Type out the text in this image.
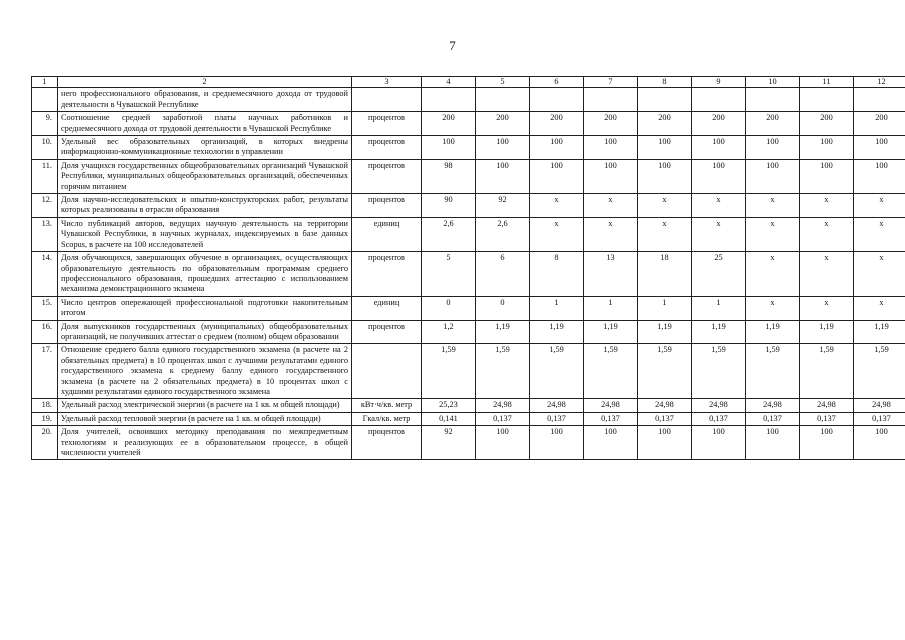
7
1	2	3	4	5	6	7	8	9	10	11	12
	него профессионального образования, и среднемесячного дохода от трудовой деятельности в Чувашской Республике										
9.	Соотношение средней заработной платы научных работников и среднемесячного дохода от трудовой деятельности в Чувашской Республике	процентов	200	200	200	200	200	200	200	200	200
10.	Удельный вес образовательных организаций, в которых внедрены информационно-коммуникационные технологии в управлении	процентов	100	100	100	100	100	100	100	100	100
11.	Доля учащихся государственных общеобразовательных организаций Чувашской Республики, муниципальных общеобразовательных организаций, обеспеченных горячим питанием	процентов	98	100	100	100	100	100	100	100	100
12.	Доля научно-исследовательских и опытно-конструкторских работ, результаты которых реализованы в отрасли образования	процентов	90	92	х	х	х	х	х	х	х
13.	Число публикаций авторов, ведущих научную деятельность на территории Чувашской Республики, в научных журналах, индексируемых в базе данных Scopus, в расчете на 100 исследователей	единиц	2,6	2,6	х	х	х	х	х	х	х
14.	Доля обучающихся, завершающих обучение в организациях, осуществляющих образовательную деятельность по образовательным программам среднего профессионального образования, прошедших аттестацию с использованием механизма демонстрационного экзамена	процентов	5	6	8	13	18	25	х	х	х
15.	Число центров опережающей профессиональной подготовки накопительным итогом	единиц	0	0	1	1	1	1	х	х	х
16.	Доля выпускников государственных (муниципальных) общеобразовательных организаций, не получивших аттестат о среднем (полном) общем образовании	процентов	1,2	1,19	1,19	1,19	1,19	1,19	1,19	1,19	1,19
17.	Отношение среднего балла единого государственного экзамена (в расчете на 2 обязательных предмета) в 10 процентах школ с лучшими результатами единого государственного экзамена к среднему баллу единого государственного экзамена (в расчете на 2 обязательных предмета) в 10 процентах школ с худшими результатами единого государственного экзамена		1,59	1,59	1,59	1,59	1,59	1,59	1,59	1,59	1,59
18.	Удельный расход электрической энергии (в расчете на 1 кв. м общей площади)	кВт·ч/кв. метр	25,23	24,98	24,98	24,98	24,98	24,98	24,98	24,98	24,98
19.	Удельный расход тепловой энергии (в расчете на 1 кв. м общей площади)	Гкал/кв. метр	0,141	0,137	0,137	0,137	0,137	0,137	0,137	0,137	0,137
20.	Доля учителей, освоивших методику преподавания по межпредметным технологиям и реализующих ее в образовательном процессе, в общей численности учителей	процентов	92	100	100	100	100	100	100	100	100
